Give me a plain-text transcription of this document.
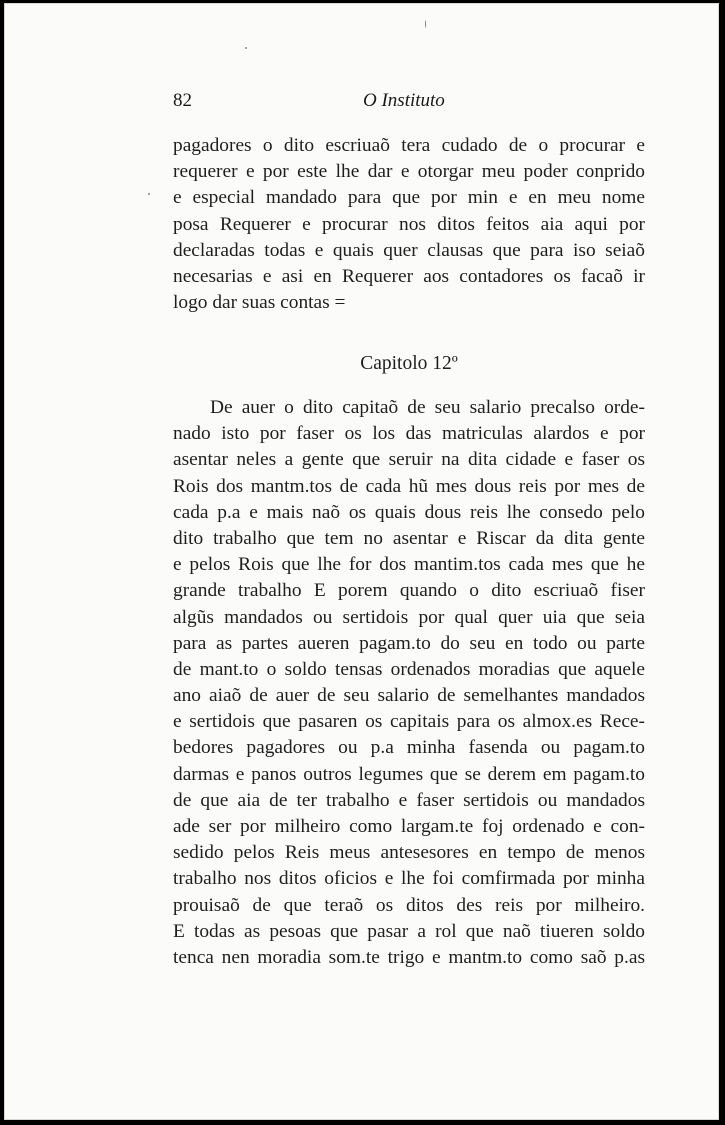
82	O Instituto
pagadores o dito escriuaõ tera cudado de o procurar e
requerer e por este lhe dar e otorgar meu poder conprido
e especial mandado para que por min e en meu nome
posa Requerer e procurar nos ditos feitos aia aqui por
declaradas todas e quais quer clausas que para iso seiaõ
necesarias e asi en Requerer aos contadores os facaõ ir
logo dar suas contas =
Capitolo 12º
De auer o dito capitaõ de seu salario precalso orde-
nado isto por faser os los das matriculas alardos e por
asentar neles a gente que seruir na dita cidade e faser os
Rois dos mantm.tos de cada hũ mes dous reis por mes de
cada p.a e mais naõ os quais dous reis lhe consedo pelo
dito trabalho que tem no asentar e Riscar da dita gente
e pelos Rois que lhe for dos mantim.tos cada mes que he
grande trabalho E porem quando o dito escriuaõ fiser
algũs mandados ou sertidois por qual quer uia que seia
para as partes aueren pagam.to do seu en todo ou parte
de mant.to o soldo tensas ordenados moradias que aquele
ano aiaõ de auer de seu salario de semelhantes mandados
e sertidois que pasaren os capitais para os almox.es Rece-
bedores pagadores ou p.a minha fasenda ou pagam.to
darmas e panos outros legumes que se derem em pagam.to
de que aia de ter trabalho e faser sertidois ou mandados
ade ser por milheiro como largam.te foj ordenado e con-
sedido pelos Reis meus antesesores en tempo de menos
trabalho nos ditos oficios e lhe foi comfirmada por minha
prouisaõ de que teraõ os ditos des reis por milheiro.
E todas as pesoas que pasar a rol que naõ tiueren soldo
tenca nen moradia som.te trigo e mantm.to como saõ p.as
